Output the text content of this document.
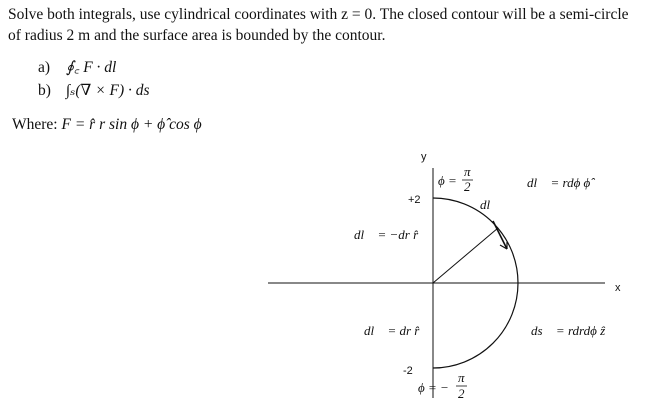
Solve both integrals, use cylindrical coordinates with z = 0. The closed contour will be a semi-circle of radius 2 m and the surface area is bounded by the contour.
a) ∮꜀ F · dl
b) ∫ₛ(∇ × F) · ds
Where: F = r̂ r sin ϕ + ϕ̂ cos ϕ
y
x
+2
-2
ϕ =
π
2
ϕ = −
π
2
dl⃗
dl⃗ = rdϕ ϕ̂
dl⃗ = −dr r̂
dl⃗ = dr r̂	ds⃗ = rdrdϕ ẑ
